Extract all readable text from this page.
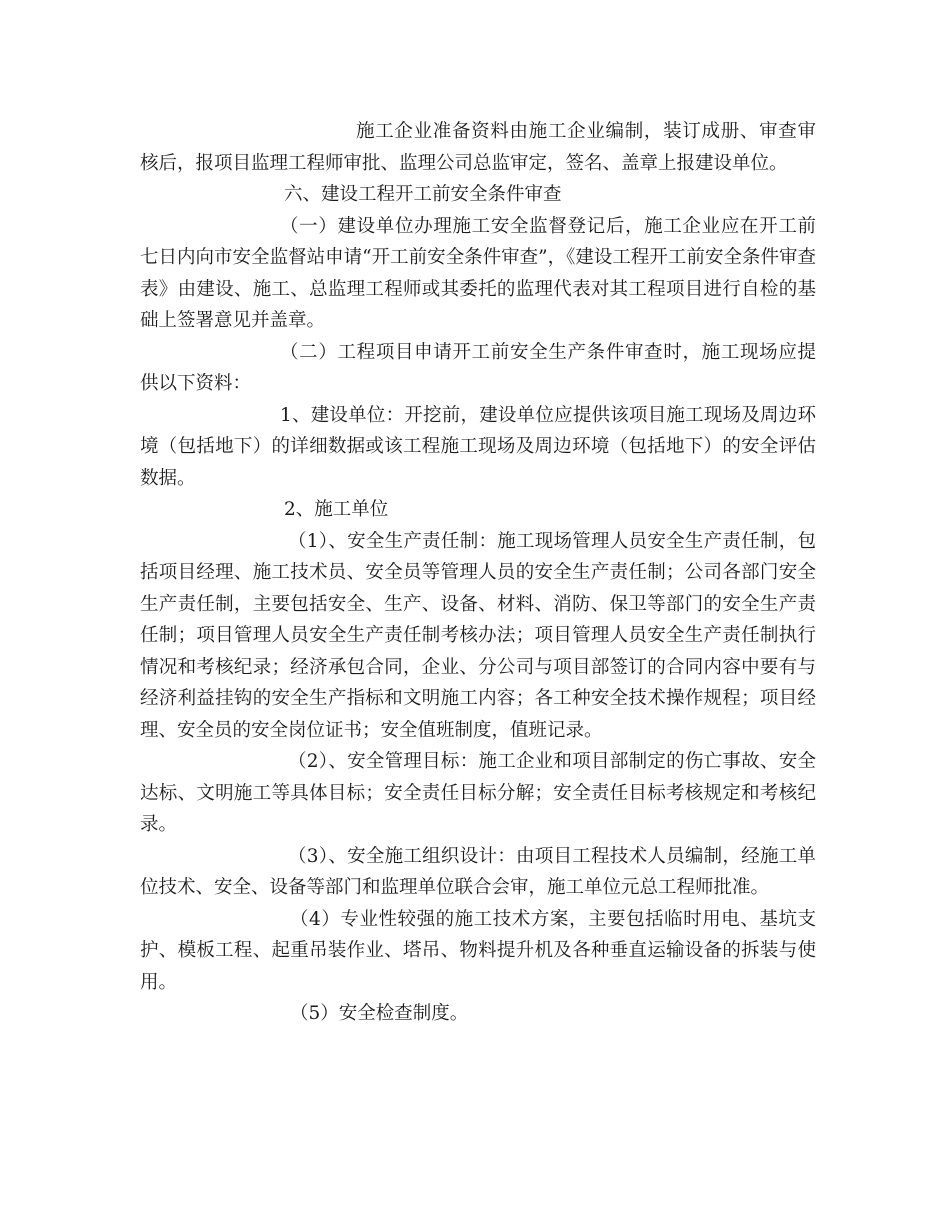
施工企业准备资料由施工企业编制，装订成册、审查审核后，报项目监理工程师审批、监理公司总监审定，签名、盖章上报建设单位。

六、建设工程开工前安全条件审查

（一）建设单位办理施工安全监督登记后，施工企业应在开工前七日内向市安全监督站申请“开工前安全条件审查”，《建设工程开工前安全条件审查表》由建设、施工、总监理工程师或其委托的监理代表对其工程项目进行自检的基础上签署意见并盖章。

（二）工程项目申请开工前安全生产条件审查时，施工现场应提供以下资料：

1、建设单位：开挖前，建设单位应提供该项目施工现场及周边环境（包括地下）的详细数据或该工程施工现场及周边环境（包括地下）的安全评估数据。

2、施工单位

（1）、安全生产责任制：施工现场管理人员安全生产责任制，包括项目经理、施工技术员、安全员等管理人员的安全生产责任制；公司各部门安全生产责任制，主要包括安全、生产、设备、材料、消防、保卫等部门的安全生产责任制；项目管理人员安全生产责任制考核办法；项目管理人员安全生产责任制执行情况和考核纪录；经济承包合同，企业、分公司与项目部签订的合同内容中要有与经济利益挂钩的安全生产指标和文明施工内容；各工种安全技术操作规程；项目经理、安全员的安全岗位证书；安全值班制度，值班记录。

（2）、安全管理目标：施工企业和项目部制定的伤亡事故、安全达标、文明施工等具体目标；安全责任目标分解；安全责任目标考核规定和考核纪录。

（3）、安全施工组织设计：由项目工程技术人员编制，经施工单位技术、安全、设备等部门和监理单位联合会审，施工单位元总工程师批准。

（4）专业性较强的施工技术方案，主要包括临时用电、基坑支护、模板工程、起重吊装作业、塔吊、物料提升机及各种垂直运输设备的拆装与使用。

（5）安全检查制度。
